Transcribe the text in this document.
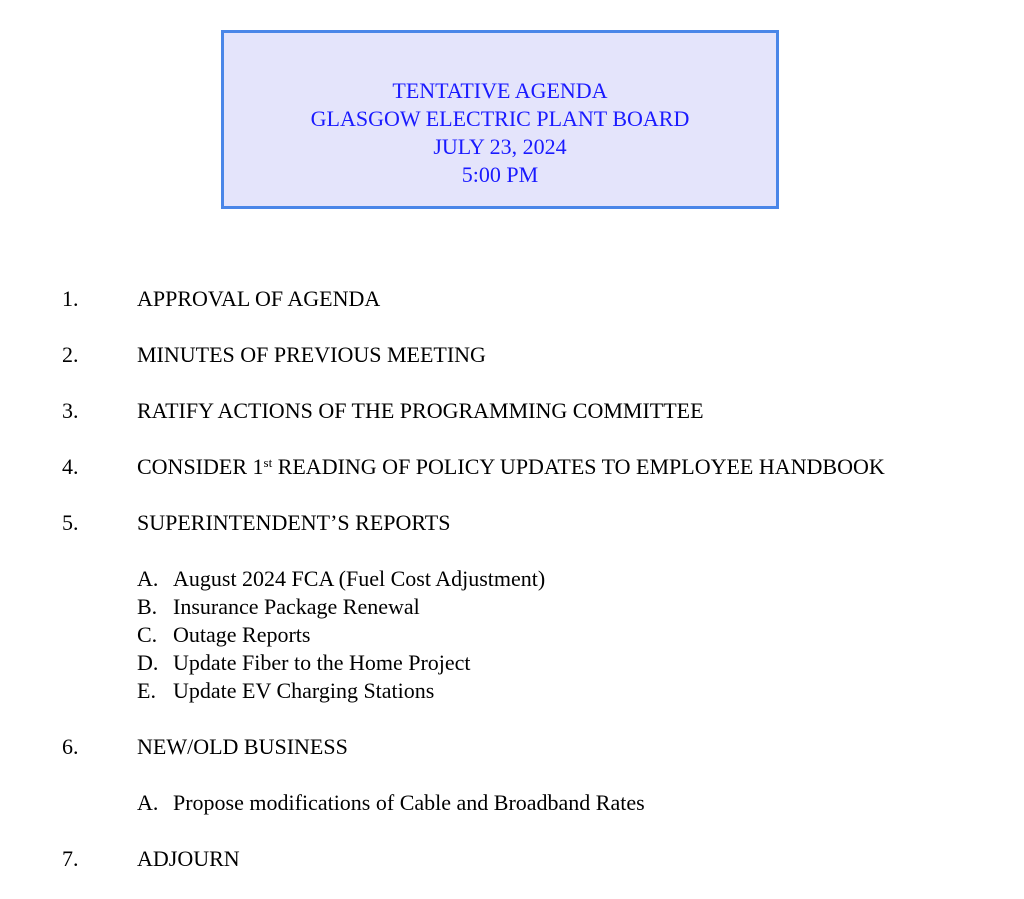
TENTATIVE AGENDA
GLASGOW ELECTRIC PLANT BOARD
JULY 23, 2024
5:00 PM
1.	APPROVAL OF AGENDA
2.	MINUTES OF PREVIOUS MEETING
3.	RATIFY ACTIONS OF THE PROGRAMMING COMMITTEE
4.	CONSIDER 1st READING OF POLICY UPDATES TO EMPLOYEE HANDBOOK
5.	SUPERINTENDENT’S REPORTS
A. August 2024 FCA (Fuel Cost Adjustment)
B. Insurance Package Renewal
C. Outage Reports
D. Update Fiber to the Home Project
E. Update EV Charging Stations
6.	NEW/OLD BUSINESS
A. Propose modifications of Cable and Broadband Rates
7.	ADJOURN
